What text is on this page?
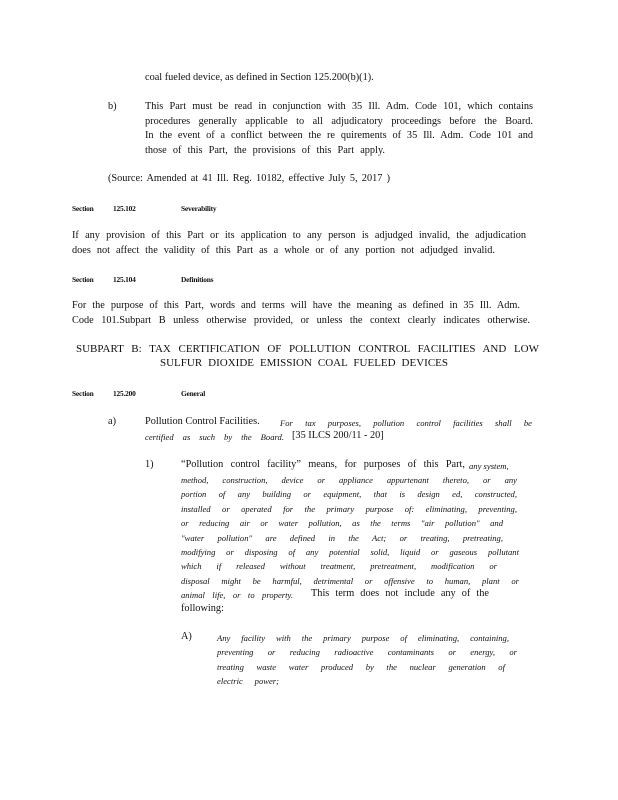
coal fueled device, as defined in Section 125.200(b)(1).
b)	This Part must be read in conjunction with 35 Ill. Adm. Code 101, which contains
procedures generally applicable to all adjudicatory proceedings before the Board.
In the event of a conflict between the re quirements of 35 Ill. Adm. Code 101 and
those of this Part, the provisions of this Part apply.
(Source: Amended at 41 Ill. Reg. 10182, effective July 5, 2017 )
Section	125.102	Severability
If any provision of this Part or its application to any person is adjudged invalid, the adjudication
does not affect the validity of this Part as a whole or of any portion not adjudged invalid.
Section	125.104	Definitions
For the purpose of this Part, words and terms will have the meaning as defined in 35 Ill. Adm.
Code 101.Subpart B unless otherwise provided, or unless the context clearly indicates otherwise.
SUBPART B: TAX CERTIFICATION OF POLLUTION CONTROL FACILITIES AND LOW
SULFUR DIOXIDE EMISSION COAL FUELED DEVICES
Section	125.200	General
a)	Pollution Control Facilities. For tax purposes, pollution control facilities shall be
certified as such by the Board. [35 ILCS 200/11 - 20]
1)	“Pollution control facility” means, for purposes of this Part, any system,
method, construction, device or appliance appurtenant thereto, or any
portion of any building or equipment, that is design ed, constructed,
installed or operated for the primary purpose of: eliminating, preventing,
or reducing air or water pollution, as the terms "air pollution" and
"water pollution" are defined in the Act; or treating, pretreating,
modifying or disposing of any potential solid, liquid or gaseous pollutant
which if released without treatment, pretreatment, modification or
disposal might be harmful, detrimental or offensive to human, plant or
animal life, or to property. This term does not include any of the
following:
A)	Any facility with the primary purpose of eliminating, containing,
preventing or reducing radioactive contaminants or energy, or
treating waste water produced by the nuclear generation of
electric power;
